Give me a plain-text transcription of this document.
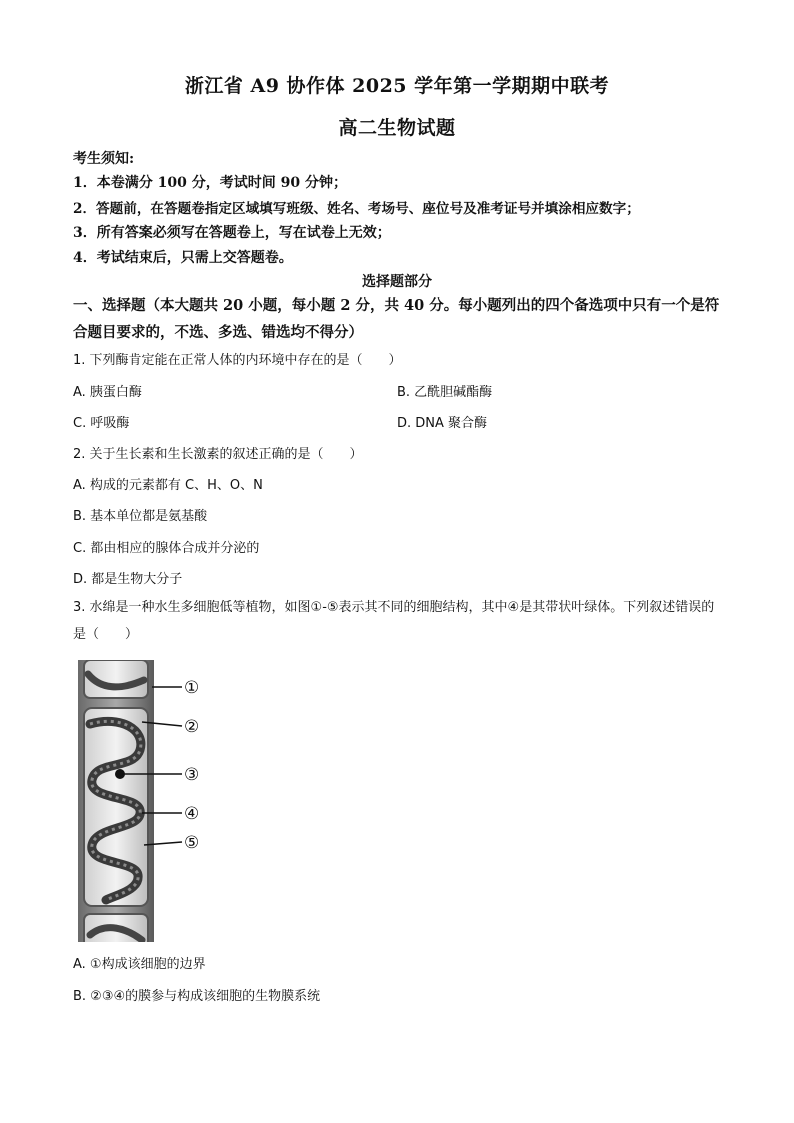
浙江省 A9 协作体 2025 学年第一学期期中联考
高二生物试题
考生须知:
1．本卷满分 100 分，考试时间 90 分钟；
2．答题前，在答题卷指定区域填写班级、姓名、考场号、座位号及准考证号并填涂相应数字；
3．所有答案必须写在答题卷上，写在试卷上无效；
4．考试结束后，只需上交答题卷。
选择题部分
一、选择题（本大题共 20 小题，每小题 2 分，共 40 分。每小题列出的四个备选项中只有一个是符合题目要求的，不选、多选、错选均不得分）
1. 下列酶肯定能在正常人体的内环境中存在的是（　　）
A. 胰蛋白酶	B. 乙酰胆碱酯酶
C. 呼吸酶	D. DNA 聚合酶
2. 关于生长素和生长激素的叙述正确的是（　　）
A. 构成的元素都有 C、H、O、N
B. 基本单位都是氨基酸
C. 都由相应的腺体合成并分泌的
D. 都是生物大分子
3. 水绵是一种水生多细胞低等植物，如图①-⑤表示其不同的细胞结构，其中④是其带状叶绿体。下列叙述错误的是（　　）
①
②
③
④
⑤
A. ①构成该细胞的边界
B. ②③④的膜参与构成该细胞的生物膜系统
